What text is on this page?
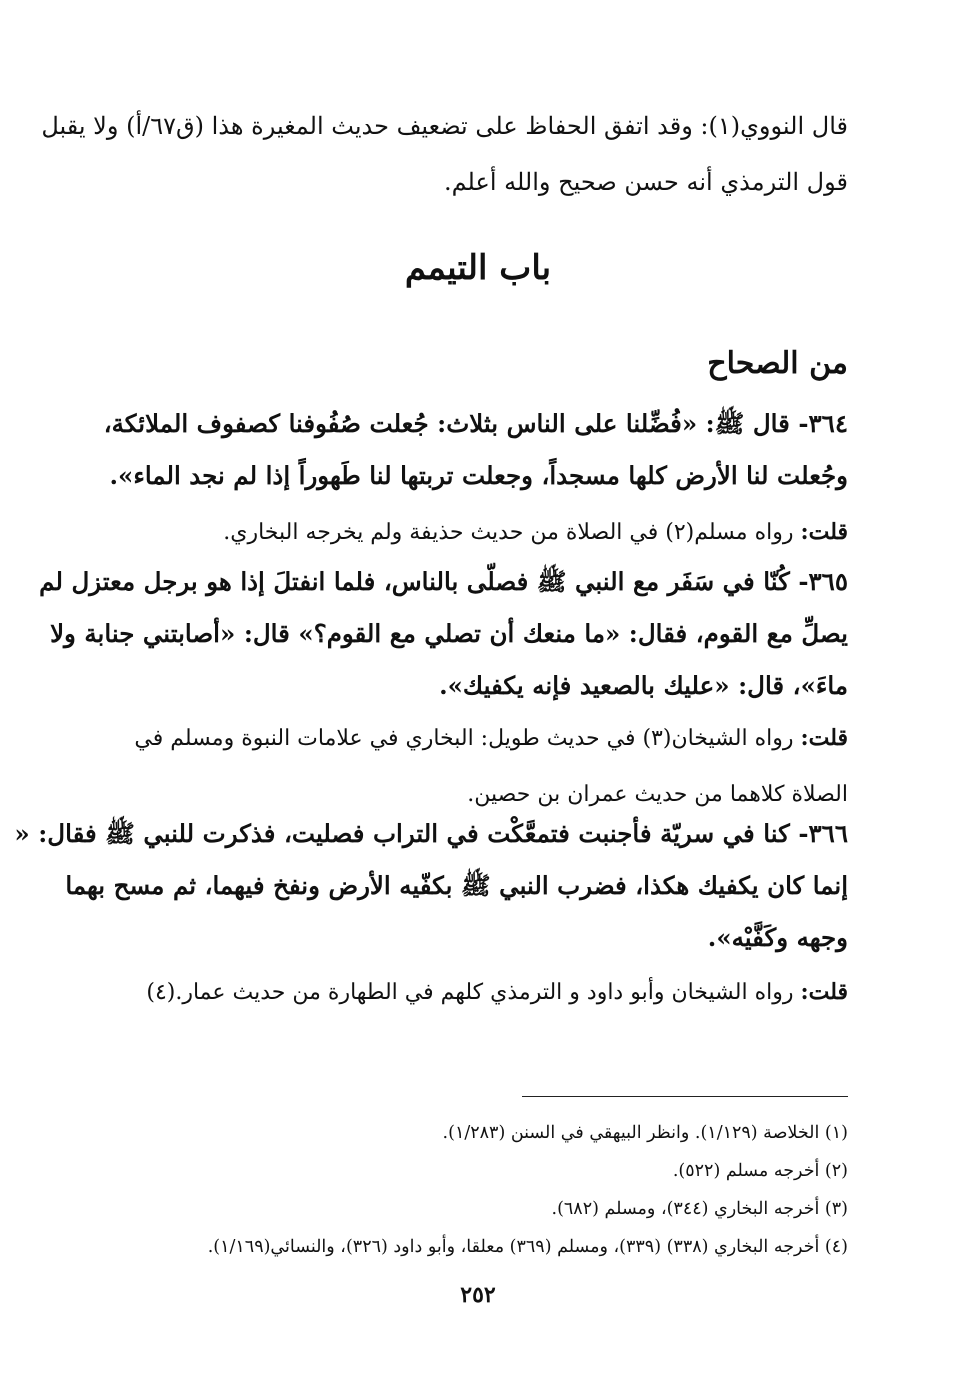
قال النووي(١): وقد اتفق الحفاظ على تضعيف حديث المغيرة هذا (ق٦٧/أ) ولا يقبل

قول الترمذي أنه حسن صحيح والله أعلم.

باب التيمم
من الصحاح

٣٦٤- قال ﷺ: «فُضِّلنا على الناس بثلاث: جُعلت صُفُوفنا كصفوف الملائكة،

وجُعلت لنا الأرض كلها مسجداً، وجعلت تربتها لنا طَهوراً إذا لم نجد الماء».

قلت: رواه مسلم(٢) في الصلاة من حديث حذيفة ولم يخرجه البخاري.

٣٦٥- كُنّا في سَفَر مع النبي ﷺ فصلّى بالناس، فلما انفتلَ إذا هو برجل معتزل لم

يصلِّ مع القوم، فقال: «ما منعك أن تصلي مع القوم؟» قال: «أصابتني جنابة ولا

ماءَ»، قال: «عليك بالصعيد فإنه يكفيك».

قلت: رواه الشيخان(٣) في حديث طويل: البخاري في علامات النبوة ومسلم في

الصلاة كلاهما من حديث عمران بن حصين.

٣٦٦- كنا في سريّة فأجنبت فتمعَّكْت في التراب فصليت، فذكرت للنبي ﷺ فقال: «

إنما كان يكفيك هكذا، فضرب النبي ﷺ بكفّيه الأرض ونفخ فيهما، ثم مسح بهما

وجهه وكَفَّيْه».

قلت: رواه الشيخان وأبو داود و الترمذي كلهم في الطهارة من حديث عمار.(٤)

(١) الخلاصة (١/١٢٩). وانظر البيهقي في السنن (١/٢٨٣).
(٢) أخرجه مسلم (٥٢٢).
(٣) أخرجه البخاري (٣٤٤)، ومسلم (٦٨٢).
(٤) أخرجه البخاري (٣٣٨) (٣٣٩)، ومسلم (٣٦٩) معلقا، وأبو داود (٣٢٦)، والنسائي(١/١٦٩).

٢٥٢
